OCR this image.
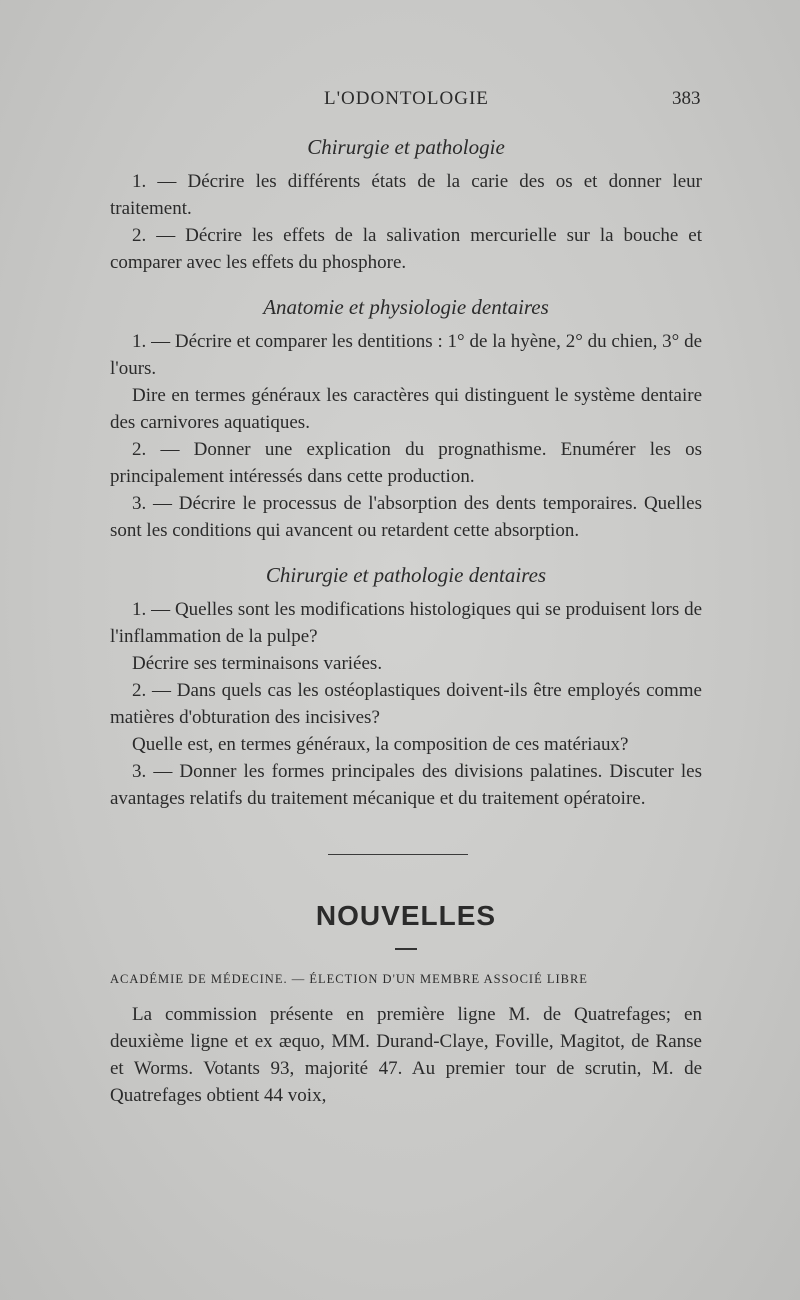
L'ODONTOLOGIE	383

Chirurgie et pathologie

1. — Décrire les différents états de la carie des os et donner leur traitement.

2. — Décrire les effets de la salivation mercurielle sur la bouche et comparer avec les effets du phosphore.

Anatomie et physiologie dentaires

1. — Décrire et comparer les dentitions : 1° de la hyène, 2° du chien, 3° de l'ours.

Dire en termes généraux les caractères qui distinguent le système dentaire des carnivores aquatiques.

2. — Donner une explication du prognathisme. Enumérer les os principalement intéressés dans cette production.

3. — Décrire le processus de l'absorption des dents temporaires. Quelles sont les conditions qui avancent ou retardent cette absorption.

Chirurgie et pathologie dentaires

1. — Quelles sont les modifications histologiques qui se produisent lors de l'inflammation de la pulpe?

Décrire ses terminaisons variées.

2. — Dans quels cas les ostéoplastiques doivent-ils être employés comme matières d'obturation des incisives?

Quelle est, en termes généraux, la composition de ces matériaux?

3. — Donner les formes principales des divisions palatines. Discuter les avantages relatifs du traitement mécanique et du traitement opératoire.

NOUVELLES

ACADÉMIE DE MÉDECINE. — ÉLECTION D'UN MEMBRE ASSOCIÉ LIBRE

La commission présente en première ligne M. de Quatrefages; en deuxième ligne et ex æquo, MM. Durand-Claye, Foville, Magitot, de Ranse et Worms. Votants 93, majorité 47. Au premier tour de scrutin, M. de Quatrefages obtient 44 voix,
